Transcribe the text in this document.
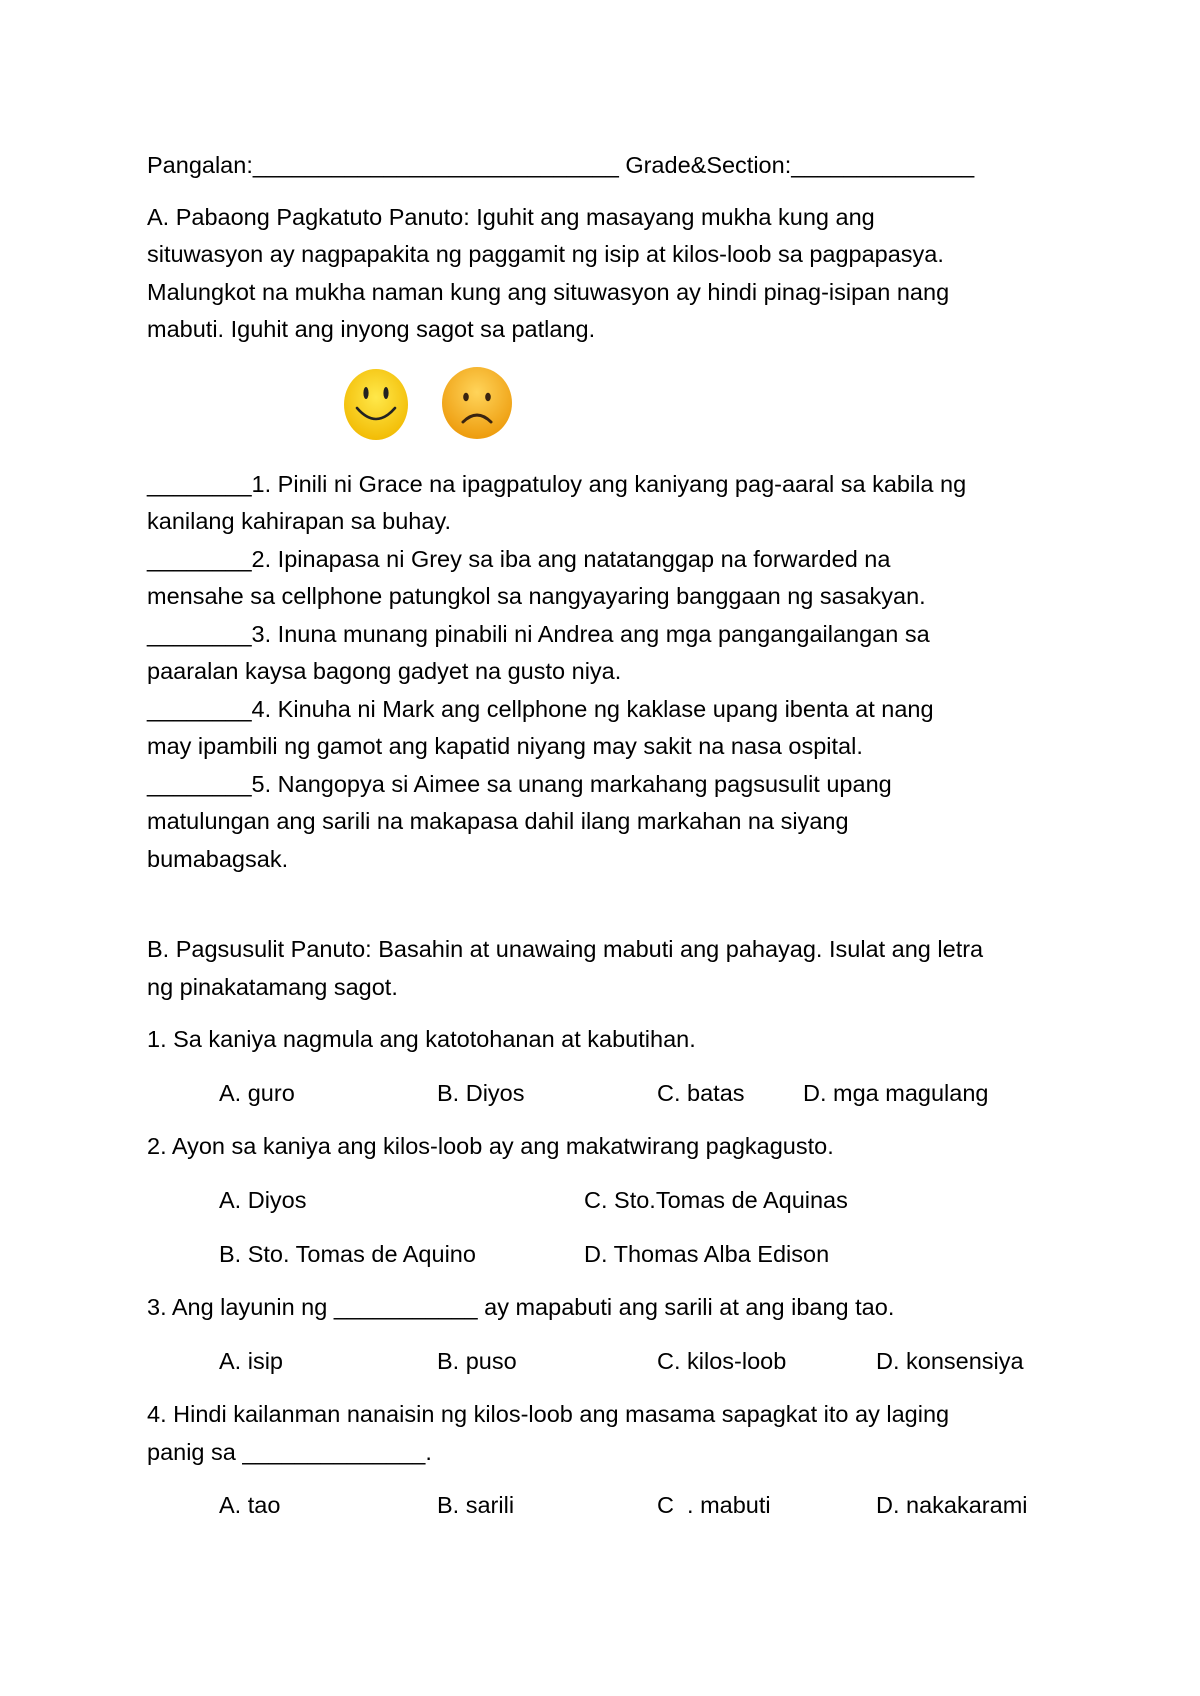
Pangalan:____________________________ Grade&Section:______________
A. Pabaong Pagkatuto Panuto: Iguhit ang masayang mukha kung ang
situwasyon ay nagpapakita ng paggamit ng isip at kilos-loob sa pagpapasya.
Malungkot na mukha naman kung ang situwasyon ay hindi pinag-isipan nang
mabuti. Iguhit ang inyong sagot sa patlang.
________1. Pinili ni Grace na ipagpatuloy ang kaniyang pag-aaral sa kabila ng
kanilang kahirapan sa buhay.
________2. Ipinapasa ni Grey sa iba ang natatanggap na forwarded na
mensahe sa cellphone patungkol sa nangyayaring banggaan ng sasakyan.
________3. Inuna munang pinabili ni Andrea ang mga pangangailangan sa
paaralan kaysa bagong gadyet na gusto niya.
________4. Kinuha ni Mark ang cellphone ng kaklase upang ibenta at nang
may ipambili ng gamot ang kapatid niyang may sakit na nasa ospital.
________5. Nangopya si Aimee sa unang markahang pagsusulit upang
matulungan ang sarili na makapasa dahil ilang markahan na siyang
bumabagsak.
B. Pagsusulit Panuto: Basahin at unawaing mabuti ang pahayag. Isulat ang letra
ng pinakatamang sagot.
1. Sa kaniya nagmula ang katotohanan at kabutihan.
A. guro	B. Diyos	C. batas D. mga magulang
2. Ayon sa kaniya ang kilos-loob ay ang makatwirang pagkagusto.
A. Diyos	C. Sto.Tomas de Aquinas
B. Sto. Tomas de Aquino	D. Thomas Alba Edison
3. Ang layunin ng ___________ ay mapabuti ang sarili at ang ibang tao.
A. isip	B. puso	C. kilos-loob	D. konsensiya
4. Hindi kailanman nanaisin ng kilos-loob ang masama sapagkat ito ay laging
panig sa ______________.
A. tao	B. sarili	C  . mabuti	D. nakakarami
